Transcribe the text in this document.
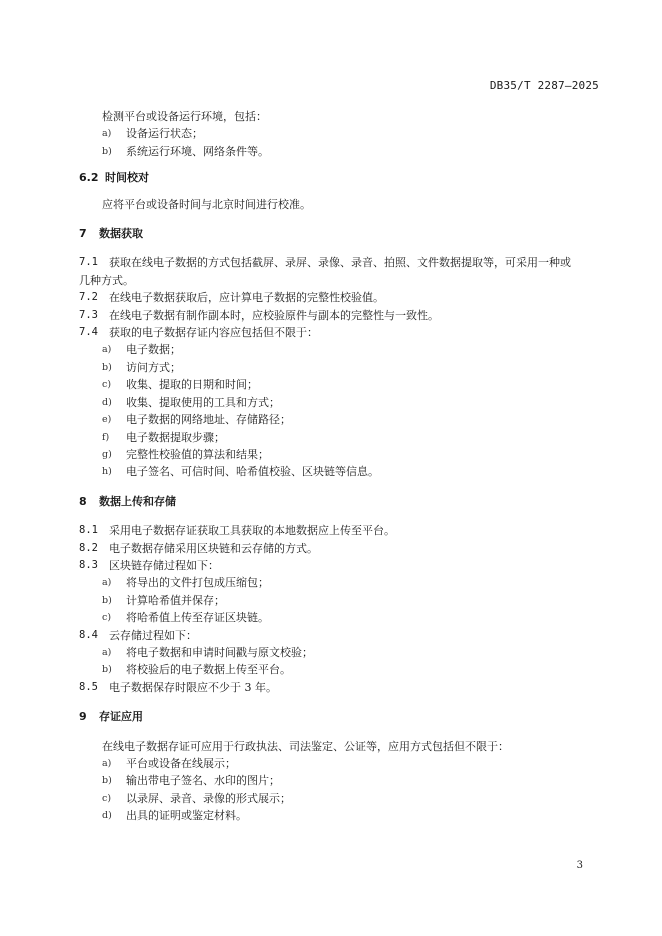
DB35/T 2287—2025
检测平台或设备运行环境，包括：
a)	设备运行状态；
b)	系统运行环境、网络条件等。
6.2 时间校对
应将平台或设备时间与北京时间进行校准。
7 数据获取
7.1	获取在线电子数据的方式包括截屏、录屏、录像、录音、拍照、文件数据提取等，可采用一种或
几种方式。
7.2	在线电子数据获取后，应计算电子数据的完整性校验值。
7.3	在线电子数据有制作副本时，应校验原件与副本的完整性与一致性。
7.4	获取的电子数据存证内容应包括但不限于：
a)	电子数据；
b)	访问方式；
c)	收集、提取的日期和时间；
d)	收集、提取使用的工具和方式；
e)	电子数据的网络地址、存储路径；
f)	电子数据提取步骤；
g)	完整性校验值的算法和结果；
h)	电子签名、可信时间、哈希值校验、区块链等信息。
8 数据上传和存储
8.1	采用电子数据存证获取工具获取的本地数据应上传至平台。
8.2	电子数据存储采用区块链和云存储的方式。
8.3	区块链存储过程如下：
a)	将导出的文件打包成压缩包；
b)	计算哈希值并保存；
c)	将哈希值上传至存证区块链。
8.4	云存储过程如下：
a)	将电子数据和申请时间戳与原文校验；
b)	将校验后的电子数据上传至平台。
8.5	电子数据保存时限应不少于 3 年。
9 存证应用
在线电子数据存证可应用于行政执法、司法鉴定、公证等，应用方式包括但不限于：
a)	平台或设备在线展示；
b)	输出带电子签名、水印的图片；
c)	以录屏、录音、录像的形式展示；
d)	出具的证明或鉴定材料。
3
